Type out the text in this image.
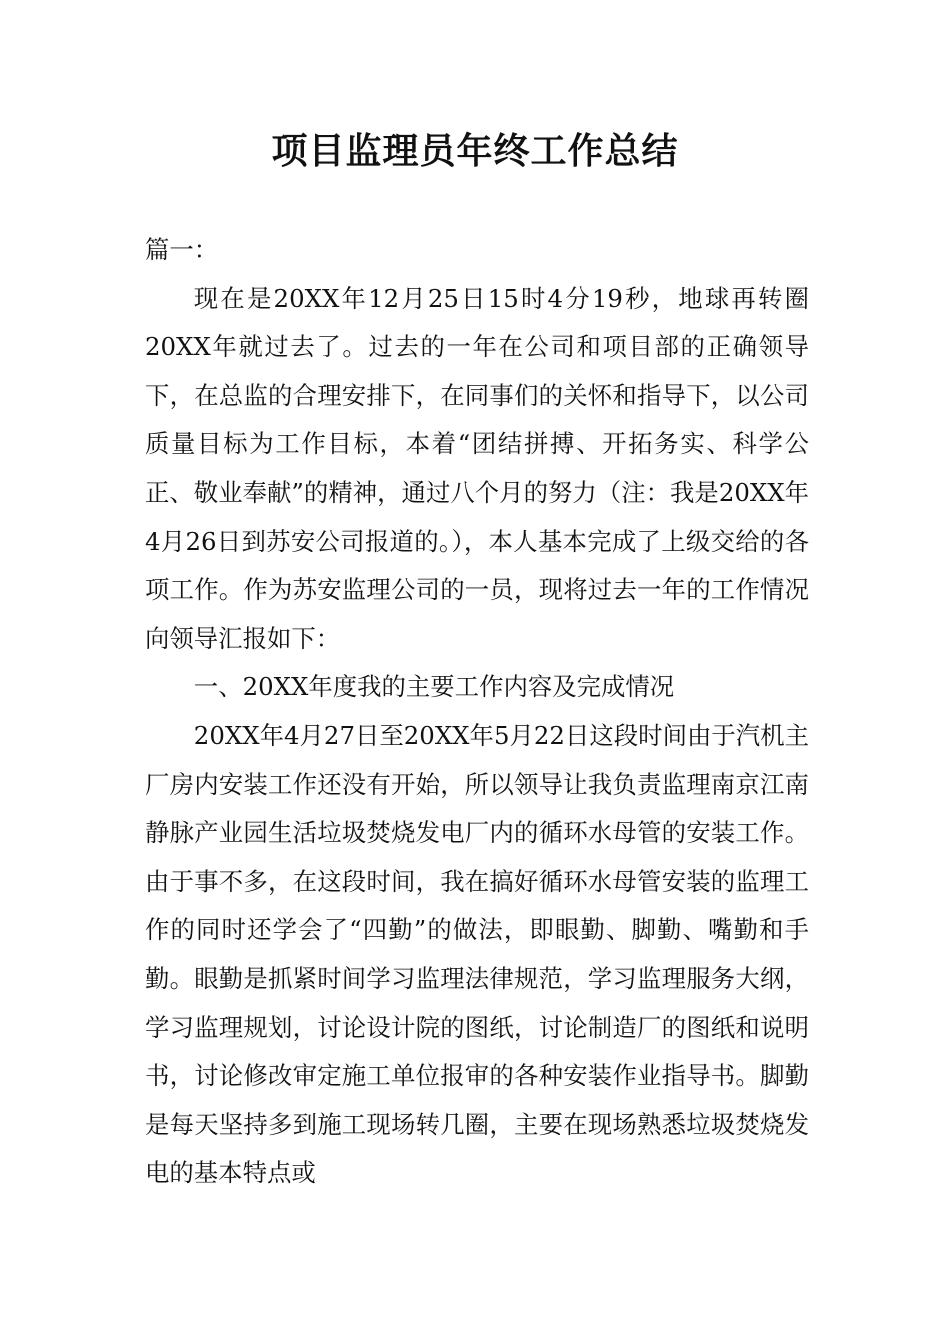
项目监理员年终工作总结

篇一：

现在是20XX年12月25日15时4分19秒，地球再转圈20XX年就过去了。过去的一年在公司和项目部的正确领导下，在总监的合理安排下，在同事们的关怀和指导下，以公司质量目标为工作目标，本着“团结拼搏、开拓务实、科学公正、敬业奉献”的精神，通过八个月的努力（注：我是20XX年4月26日到苏安公司报道的。），本人基本完成了上级交给的各项工作。作为苏安监理公司的一员，现将过去一年的工作情况向领导汇报如下：

一、20XX年度我的主要工作内容及完成情况

20XX年4月27日至20XX年5月22日这段时间由于汽机主厂房内安装工作还没有开始，所以领导让我负责监理南京江南静脉产业园生活垃圾焚烧发电厂内的循环水母管的安装工作。由于事不多，在这段时间，我在搞好循环水母管安装的监理工作的同时还学会了“四勤”的做法，即眼勤、脚勤、嘴勤和手勤。眼勤是抓紧时间学习监理法律规范，学习监理服务大纲，学习监理规划，讨论设计院的图纸，讨论制造厂的图纸和说明书，讨论修改审定施工单位报审的各种安装作业指导书。脚勤是每天坚持多到施工现场转几圈，主要在现场熟悉垃圾焚烧发电的基本特点或
